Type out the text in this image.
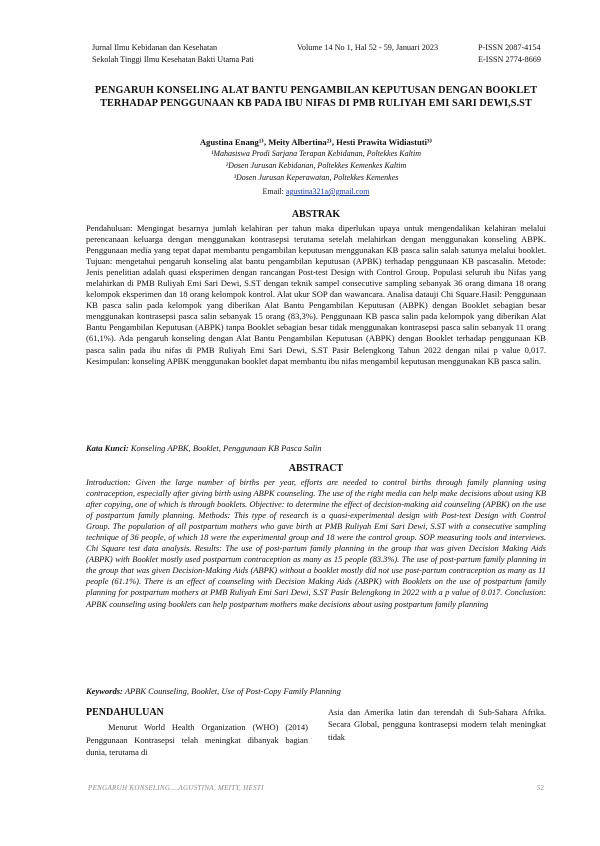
Jurnal Ilmu Kebidanan dan Kesehatan
Sekolah Tinggi Ilmu Kesehatan Bakti Utama Pati
Volume 14 No 1, Hal 52 - 59, Januari 2023	P-ISSN 2087-4154
E-ISSN 2774-8669
PENGARUH KONSELING ALAT BANTU PENGAMBILAN KEPUTUSAN DENGAN BOOKLET TERHADAP PENGGUNAAN KB PADA IBU NIFAS DI PMB RULIYAH EMI SARI DEWI,S.ST
Agustina Enang¹⁾, Meity Albertina²⁾, Hesti Prawita Widiastuti³⁾
¹Mahasiswa Prodi Sarjana Terapan Kebidanan, Poltekkes Kaltim
²Dosen Jurusan Kebidanan, Poltekkes Kemenkes Kaltim
³Dosen Jurusan Keperawatan, Poltekkes Kemenkes
Email: agustina321a@gmail.com
ABSTRAK
Pendahuluan: Mengingat besarnya jumlah kelahiran per tahun maka diperlukan upaya untuk mengendalikan kelahiran melalui perencanaan keluarga dengan menggunakan kontrasepsi terutama setelah melahirkan dengan menggunakan konseling ABPK. Penggunaan media yang tepat dapat membantu pengambilan keputusan menggunakan KB pasca salin salah satunya melalui booklet. Tujuan: mengetahui pengaruh konseling alat bantu pengambilan keputusan (APBK) terhadap penggunaan KB pascasalin. Metode: Jenis penelitian adalah quasi eksperimen dengan rancangan Post-test Design with Control Group. Populasi seluruh ibu Nifas yang melahirkan di PMB Ruliyah Emi Sari Dewi, S.ST dengan teknik sampel consecutive sampling sebanyak 36 orang dimana 18 orang kelompok eksperimen dan 18 orang kelompok kontrol. Alat ukur SOP dan wawancara. Analisa datauji Chi Square.Hasil: Penggunaan KB pasca salin pada kelompok yang diberikan Alat Bantu Pengambilan Keputusan (ABPK) dengan Booklet sebagian besar menggunakan kontrasepsi pasca salin sebanyak 15 orang (83,3%). Penggunaan KB pasca salin pada kelompok yang diberikan Alat Bantu Pengambilan Keputusan (ABPK) tanpa Booklet sebagian besar tidak menggunakan kontrasepsi pasca salin sebanyak 11 orang (61,1%). Ada pengaruh konseling dengan Alat Bantu Pengambilan Keputusan (ABPK) dengan Booklet terhadap penggunaan KB pasca salin pada ibu nifas di PMB Ruliyah Emi Sari Dewi, S.ST Pasir Belengkong Tahun 2022 dengan nilai p value 0,017. Kesimpulan: konseling APBK menggunakan booklet dapat membantu ibu nifas mengambil keputusan menggunakan KB pasca salin.
Kata Kunci: Konseling APBK, Booklet, Penggunaan KB Pasca Salin
ABSTRACT
Introduction: Given the large number of births per year, efforts are needed to control births through family planning using contraception, especially after giving birth using ABPK counseling. The use of the right media can help make decisions about using KB after copying, one of which is through booklets. Objective: to determine the effect of decision-making aid counseling (APBK) on the use of postpartum family planning. Methods: This type of research is a quasi-experimental design with Post-test Design with Control Group. The population of all postpartum mothers who gave birth at PMB Ruliyah Emi Sari Dewi, S.ST with a consecutive sampling technique of 36 people, of which 18 were the experimental group and 18 were the control group. SOP measuring tools and interviews. Chi Square test data analysis. Results: The use of post-partum family planning in the group that was given Decision Making Aids (ABPK) with Booklet mostly used postpartum contraception as many as 15 people (83.3%). The use of post-partum family planning in the group that was given Decision-Making Aids (ABPK) without a booklet mostly did not use post-partum contraception as many as 11 people (61.1%). There is an effect of counseling with Decision Making Aids (ABPK) with Booklets on the use of postpartum family planning for postpartum mothers at PMB Ruliyah Emi Sari Dewi, S.ST Pasir Belengkong in 2022 with a p value of 0.017. Conclusion: APBK counseling using booklets can help postpartum mothers make decisions about using postpartum family planning
Keywords: APBK Counseling, Booklet, Use of Post-Copy Family Planning
PENDAHULUAN

Menurut World Health Organization (WHO) (2014) Penggunaan Kontrasepsi telah meningkat dibanyak bagian dunia, terutama di

Asia dan Amerika latin dan terendah di Sub-Sahara Afrika. Secara Global, pengguna kontrasepsi modern telah meningkat tidak

PENGARUH KONSELING....AGUSTINA, MEITY, HESTI	52
